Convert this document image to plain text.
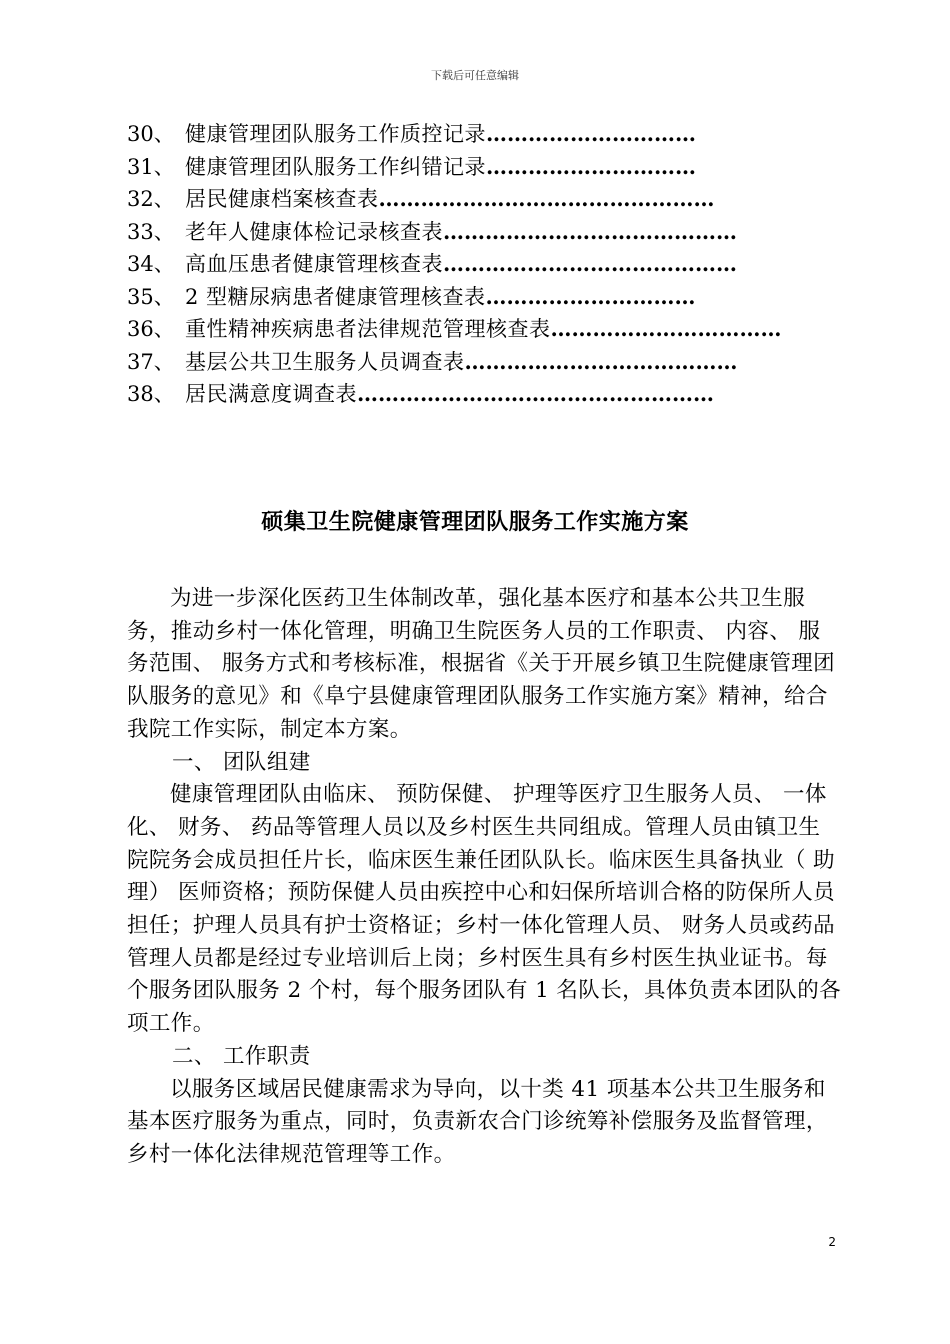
下载后可任意编辑
30、 健康管理团队服务工作质控记录…………………………
31、 健康管理团队服务工作纠错记录…………………………
32、 居民健康档案核查表…………………………………………
33、 老年人健康体检记录核查表……………………………………
34、 高血压患者健康管理核查表……………………………………
35、 2 型糖尿病患者健康管理核查表…………………………
36、 重性精神疾病患者法律规范管理核查表……………………………
37、 基层公共卫生服务人员调查表…………………………………
38、 居民满意度调查表……………………………………………
硕集卫生院健康管理团队服务工作实施方案

为进一步深化医药卫生体制改革，强化基本医疗和基本公共卫生服务，推动乡村一体化管理，明确卫生院医务人员的工作职责、 内容、 服务范围、 服务方式和考核标准，根据省《关于开展乡镇卫生院健康管理团队服务的意见》和《阜宁县健康管理团队服务工作实施方案》精神，给合我院工作实际，制定本方案。

一、 团队组建

健康管理团队由临床、 预防保健、 护理等医疗卫生服务人员、 一体化、 财务、 药品等管理人员以及乡村医生共同组成。管理人员由镇卫生院院务会成员担任片长，临床医生兼任团队队长。临床医生具备执业（ 助理） 医师资格；预防保健人员由疾控中心和妇保所培训合格的防保所人员担任；护理人员具有护士资格证；乡村一体化管理人员、 财务人员或药品管理人员都是经过专业培训后上岗；乡村医生具有乡村医生执业证书。每个服务团队服务 2 个村，每个服务团队有 1 名队长，具体负责本团队的各项工作。

二、 工作职责

以服务区域居民健康需求为导向，以十类 41 项基本公共卫生服务和基本医疗服务为重点，同时，负责新农合门诊统筹补偿服务及监督管理，乡村一体化法律规范管理等工作。

2
